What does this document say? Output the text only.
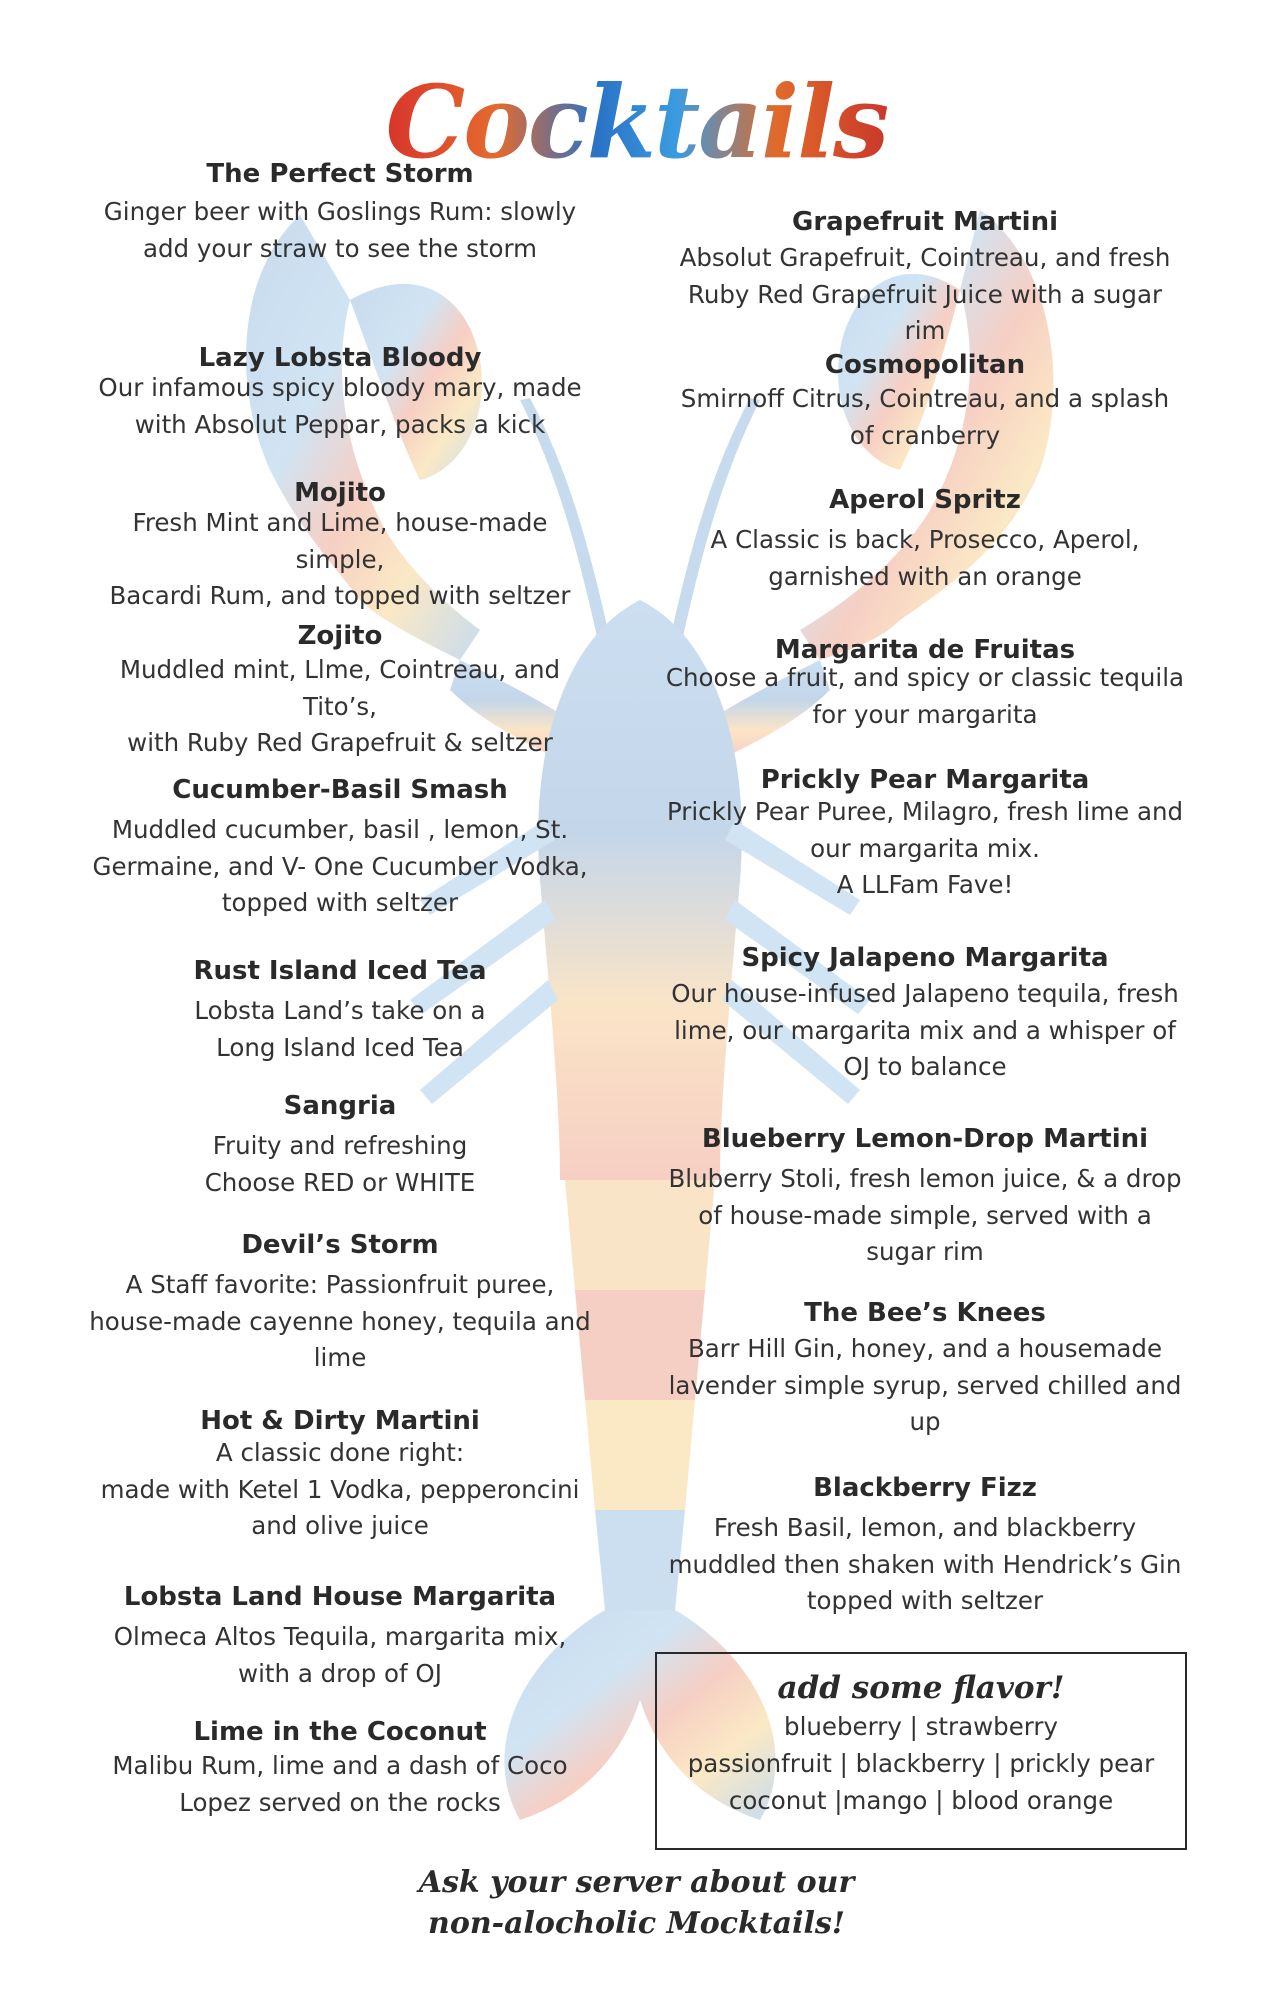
Cocktails
The Perfect Storm

Ginger beer with Goslings Rum: slowly

add your straw to see the storm

Lazy Lobsta Bloody

Our infamous spicy bloody mary, made

with Absolut Peppar, packs a kick

Mojito

Fresh Mint and Lime, house-made simple,

Bacardi Rum, and topped with seltzer

Zojito

Muddled mint, Llme, Cointreau, and Tito’s,

with Ruby Red Grapefruit & seltzer

Cucumber-Basil Smash

Muddled cucumber, basil , lemon, St.

Germaine, and V- One Cucumber Vodka,

topped with seltzer

Rust Island Iced Tea

Lobsta Land’s take on a

Long Island Iced Tea

Sangria

Fruity and refreshing

Choose RED or WHITE

Devil’s Storm

A Staff favorite: Passionfruit puree,

house-made cayenne honey, tequila and

lime

Hot & Dirty Martini

A classic done right:

made with Ketel 1 Vodka, pepperoncini

and olive juice

Lobsta Land House Margarita

Olmeca Altos Tequila, margarita mix,

with a drop of OJ

Lime in the Coconut

Malibu Rum, lime and a dash of Coco

Lopez served on the rocks

Grapefruit Martini

Absolut Grapefruit, Cointreau, and fresh

Ruby Red Grapefruit Juice with a sugar rim

Cosmopolitan

Smirnoff Citrus, Cointreau, and a splash

of cranberry

Aperol Spritz

A Classic is back, Prosecco, Aperol,

garnished with an orange

Margarita de Fruitas

Choose a fruit, and spicy or classic tequila

for your margarita

Prickly Pear Margarita

Prickly Pear Puree, Milagro, fresh lime and

our margarita mix.

A LLFam Fave!

Spicy Jalapeno Margarita

Our house-infused Jalapeno tequila, fresh

lime, our margarita mix and a whisper of

OJ to balance

Blueberry Lemon-Drop Martini

Bluberry Stoli, fresh lemon juice, & a drop

of house-made simple, served with a

sugar rim

The Bee’s Knees

Barr Hill Gin, honey, and a housemade

lavender simple syrup, served chilled and

up

Blackberry Fizz

Fresh Basil, lemon, and blackberry

muddled then shaken with Hendrick’s Gin

topped with seltzer

add some flavor!
blueberry | strawberry
passionfruit | blackberry | prickly pear
coconut |mango | blood orange
Ask your server about our
non-alocholic Mocktails!
